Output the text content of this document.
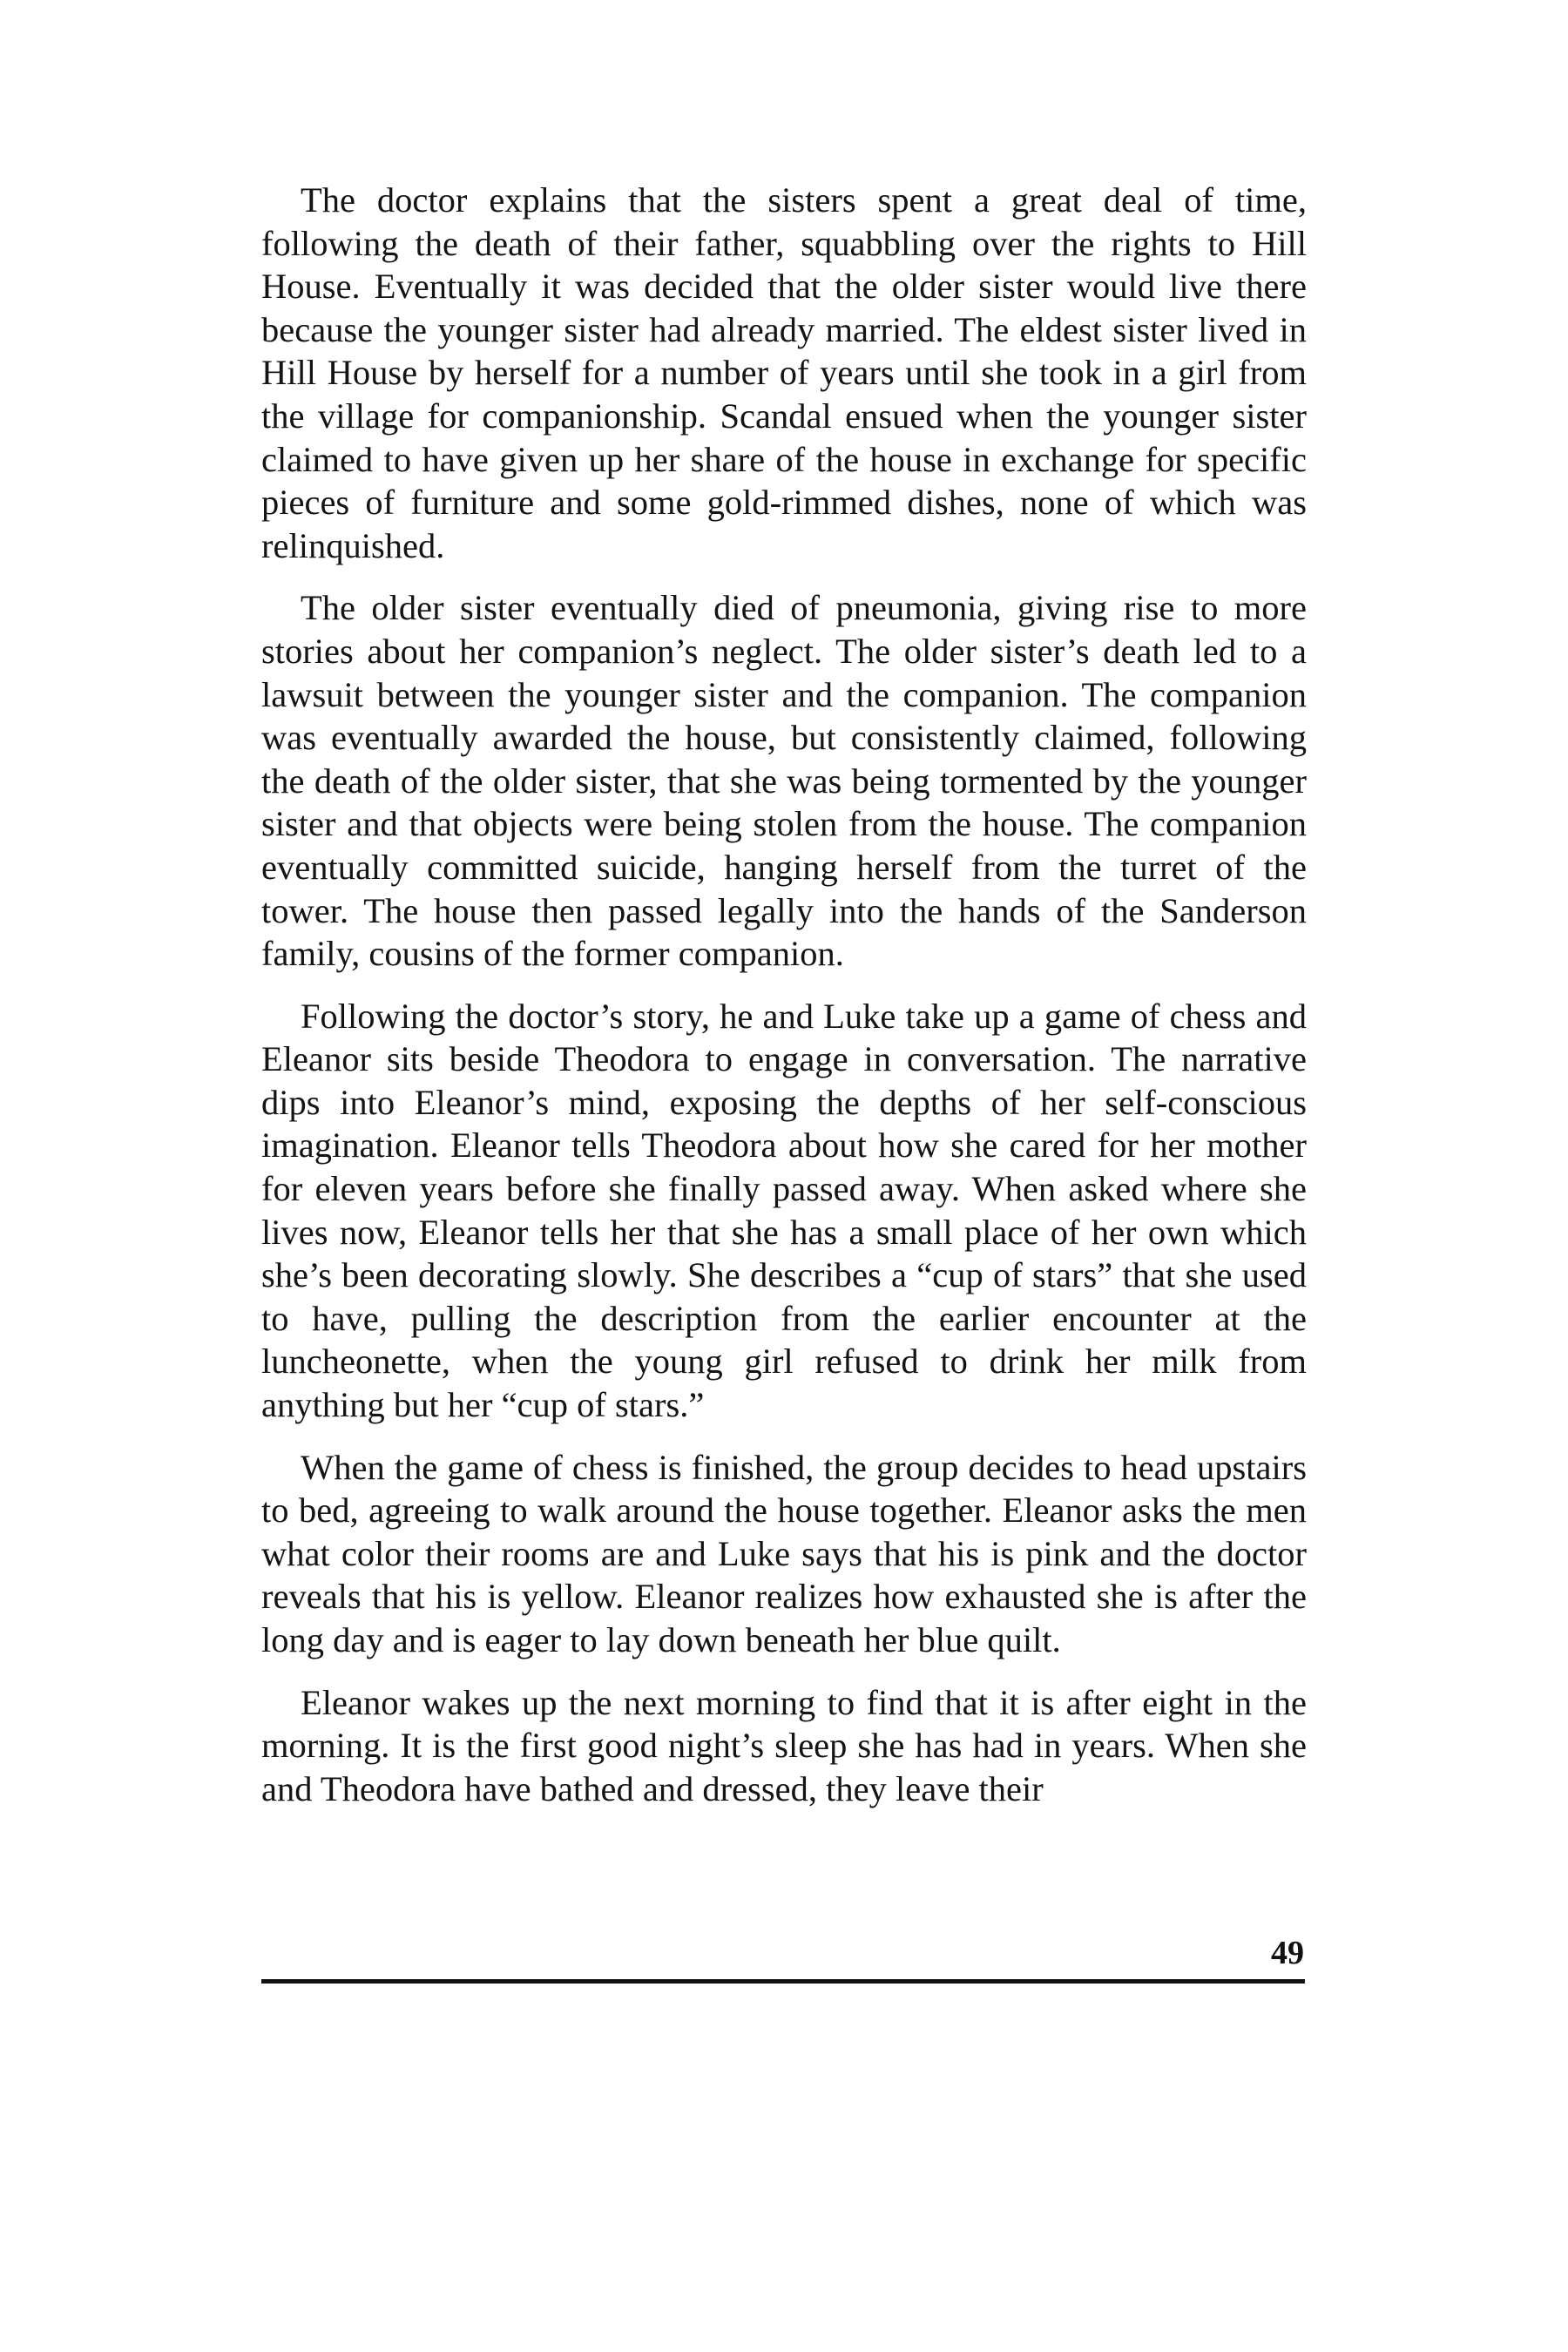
The doctor explains that the sisters spent a great deal of time, following the death of their father, squabbling over the rights to Hill House. Eventually it was decided that the older sister would live there because the younger sister had already married. The eldest sister lived in Hill House by herself for a number of years until she took in a girl from the village for companionship. Scandal ensued when the younger sister claimed to have given up her share of the house in exchange for specific pieces of furniture and some gold-rimmed dishes, none of which was relinquished.

The older sister eventually died of pneumonia, giving rise to more stories about her companion’s neglect. The older sister’s death led to a lawsuit between the younger sister and the companion. The companion was eventually awarded the house, but consistently claimed, following the death of the older sister, that she was being tormented by the younger sister and that objects were being stolen from the house. The companion eventually committed suicide, hanging herself from the turret of the tower. The house then passed legally into the hands of the Sanderson family, cousins of the former companion.

Following the doctor’s story, he and Luke take up a game of chess and Eleanor sits beside Theodora to engage in conversation. The narrative dips into Eleanor’s mind, exposing the depths of her self-conscious imagination. Eleanor tells Theodora about how she cared for her mother for eleven years before she finally passed away. When asked where she lives now, Eleanor tells her that she has a small place of her own which she’s been decorating slowly. She describes a “cup of stars” that she used to have, pulling the description from the earlier encounter at the luncheonette, when the young girl refused to drink her milk from anything but her “cup of stars.”

When the game of chess is finished, the group decides to head upstairs to bed, agreeing to walk around the house together. Eleanor asks the men what color their rooms are and Luke says that his is pink and the doctor reveals that his is yellow. Eleanor realizes how exhausted she is after the long day and is eager to lay down beneath her blue quilt.

Eleanor wakes up the next morning to find that it is after eight in the morning. It is the first good night’s sleep she has had in years. When she and Theodora have bathed and dressed, they leave their

49
